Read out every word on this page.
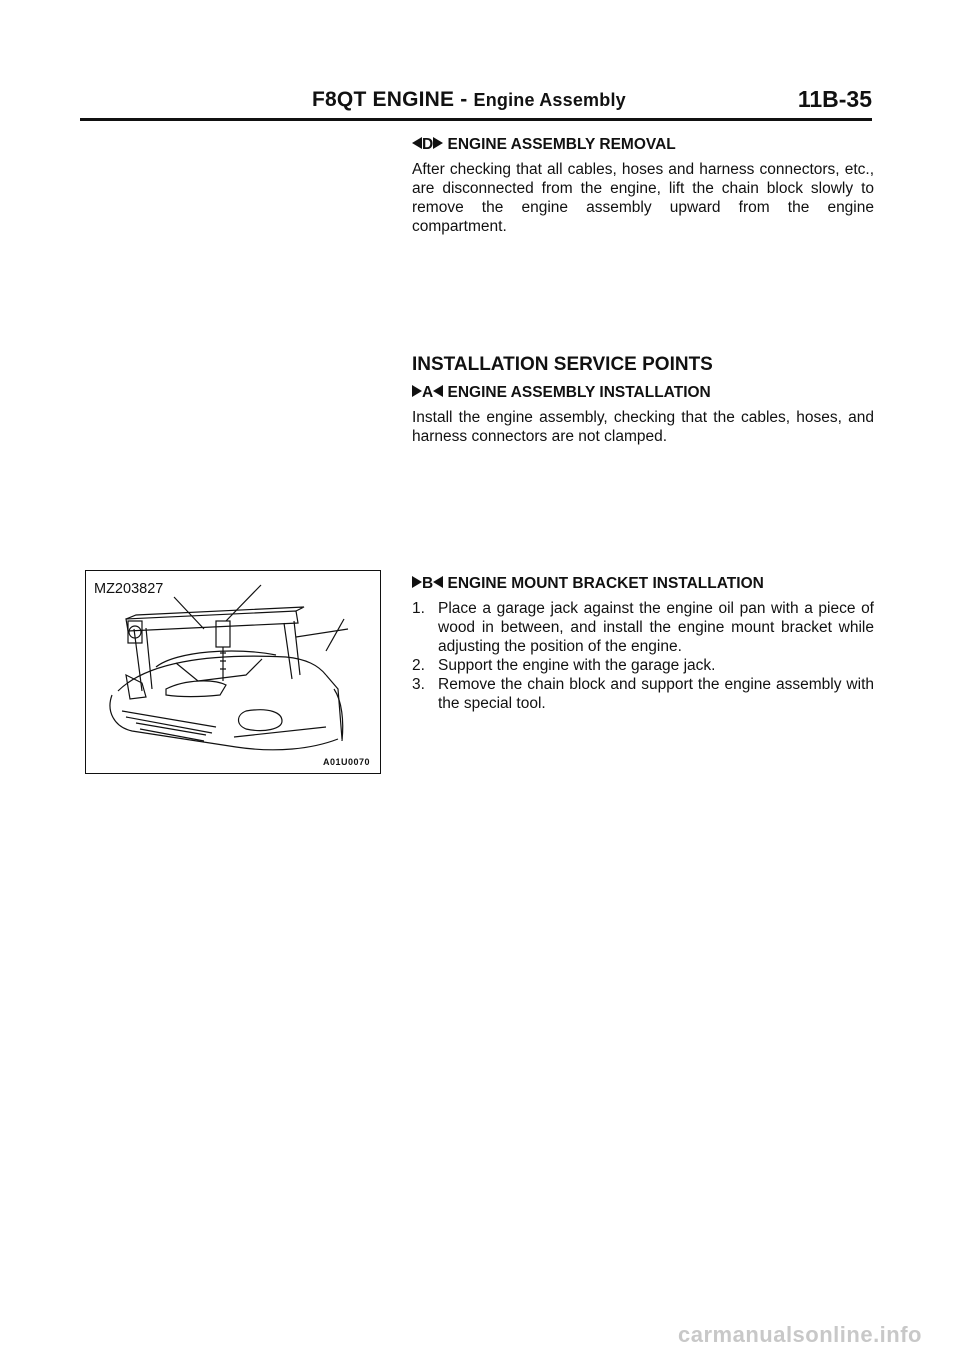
F8QT ENGINE - Engine Assembly	11B-35
D ENGINE ASSEMBLY REMOVAL

After checking that all cables, hoses and harness connectors, etc., are disconnected from the engine, lift the chain block slowly to remove the engine assembly upward from the engine compartment.

INSTALLATION SERVICE POINTS
A ENGINE ASSEMBLY INSTALLATION

Install the engine assembly, checking that the cables, hoses, and harness connectors are not clamped.

B ENGINE MOUNT BRACKET INSTALLATION
1. Place a garage jack against the engine oil pan with a piece of wood in between, and install the engine mount bracket while adjusting the position of the engine.
2. Support the engine with the garage jack.
3. Remove the chain block and support the engine assembly with the special tool.
MZ203827
A01U0070
carmanualsonline.info
